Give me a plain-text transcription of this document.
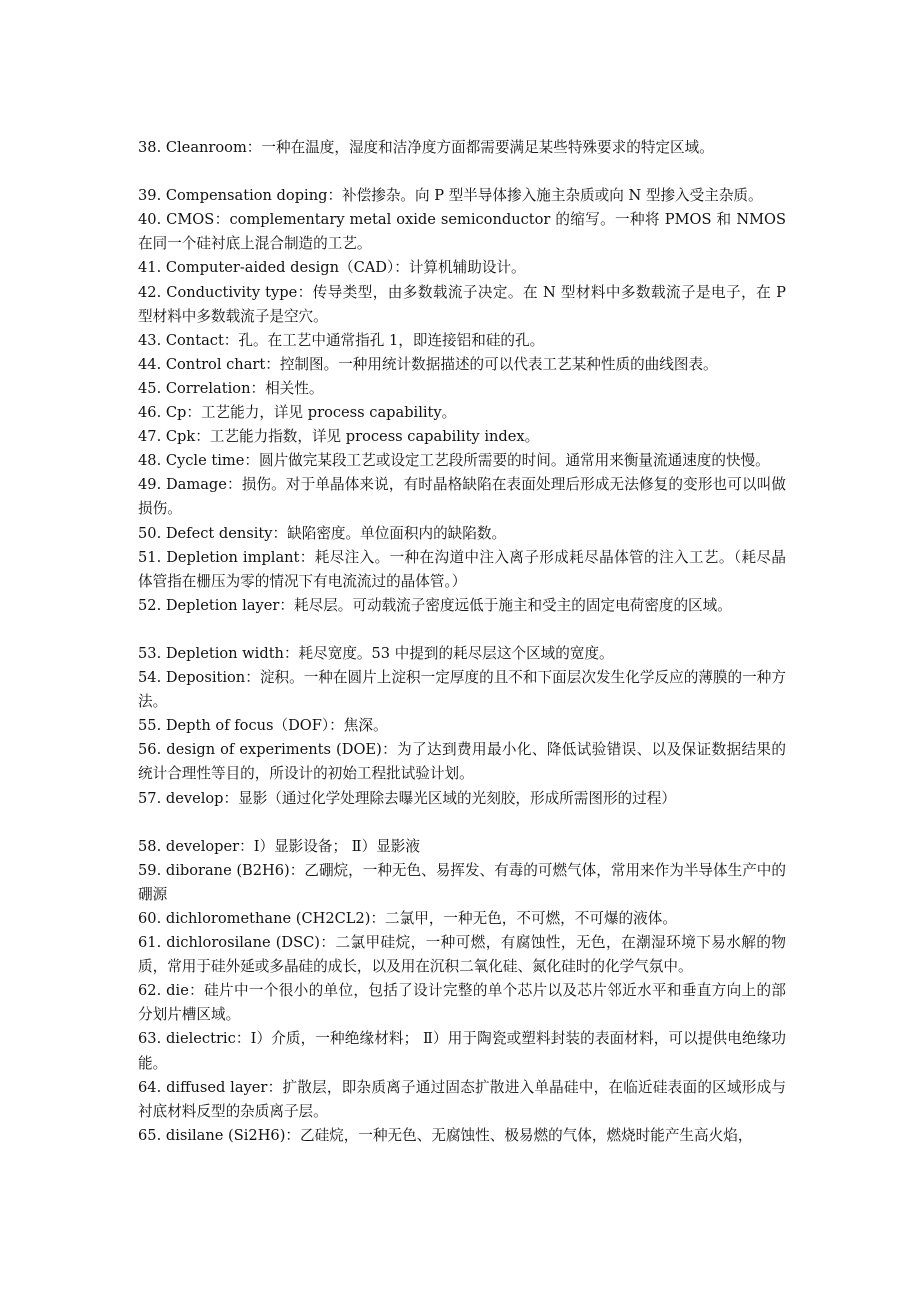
38. Cleanroom：一种在温度，湿度和洁净度方面都需要满足某些特殊要求的特定区域。

39. Compensation doping：补偿掺杂。向 P 型半导体掺入施主杂质或向 N 型掺入受主杂质。

40. CMOS：complementary metal oxide semiconductor 的缩写。一种将 PMOS 和 NMOS 在同一个硅衬底上混合制造的工艺。

41. Computer-aided design（CAD）：计算机辅助设计。

42. Conductivity type：传导类型，由多数载流子决定。在 N 型材料中多数载流子是电子，在 P 型材料中多数载流子是空穴。

43. Contact：孔。在工艺中通常指孔 1，即连接铝和硅的孔。

44. Control chart：控制图。一种用统计数据描述的可以代表工艺某种性质的曲线图表。

45. Correlation：相关性。

46. Cp：工艺能力，详见 process capability。

47. Cpk：工艺能力指数，详见 process capability index。

48. Cycle time：圆片做完某段工艺或设定工艺段所需要的时间。通常用来衡量流通速度的快慢。

49. Damage：损伤。对于单晶体来说，有时晶格缺陷在表面处理后形成无法修复的变形也可以叫做损伤。

50. Defect density：缺陷密度。单位面积内的缺陷数。

51. Depletion implant：耗尽注入。一种在沟道中注入离子形成耗尽晶体管的注入工艺。（耗尽晶体管指在栅压为零的情况下有电流流过的晶体管。）

52. Depletion layer：耗尽层。可动载流子密度远低于施主和受主的固定电荷密度的区域。

53. Depletion width：耗尽宽度。53 中提到的耗尽层这个区域的宽度。

54. Deposition：淀积。一种在圆片上淀积一定厚度的且不和下面层次发生化学反应的薄膜的一种方法。

55. Depth of focus（DOF）：焦深。

56. design of experiments (DOE)：为了达到费用最小化、降低试验错误、以及保证数据结果的统计合理性等目的，所设计的初始工程批试验计划。

57. develop：显影（通过化学处理除去曝光区域的光刻胶，形成所需图形的过程）

58. developer：Ⅰ）显影设备； Ⅱ）显影液

59. diborane (B2H6)：乙硼烷，一种无色、易挥发、有毒的可燃气体，常用来作为半导体生产中的硼源

60. dichloromethane (CH2CL2)：二氯甲，一种无色，不可燃，不可爆的液体。

61. dichlorosilane (DSC)：二氯甲硅烷，一种可燃，有腐蚀性，无色，在潮湿环境下易水解的物质，常用于硅外延或多晶硅的成长，以及用在沉积二氧化硅、氮化硅时的化学气氛中。

62. die：硅片中一个很小的单位，包括了设计完整的单个芯片以及芯片邻近水平和垂直方向上的部分划片槽区域。

63. dielectric：Ⅰ）介质，一种绝缘材料； Ⅱ）用于陶瓷或塑料封装的表面材料，可以提供电绝缘功能。

64. diffused layer：扩散层，即杂质离子通过固态扩散进入单晶硅中，在临近硅表面的区域形成与衬底材料反型的杂质离子层。

65. disilane (Si2H6)：乙硅烷，一种无色、无腐蚀性、极易燃的气体，燃烧时能产生高火焰，
